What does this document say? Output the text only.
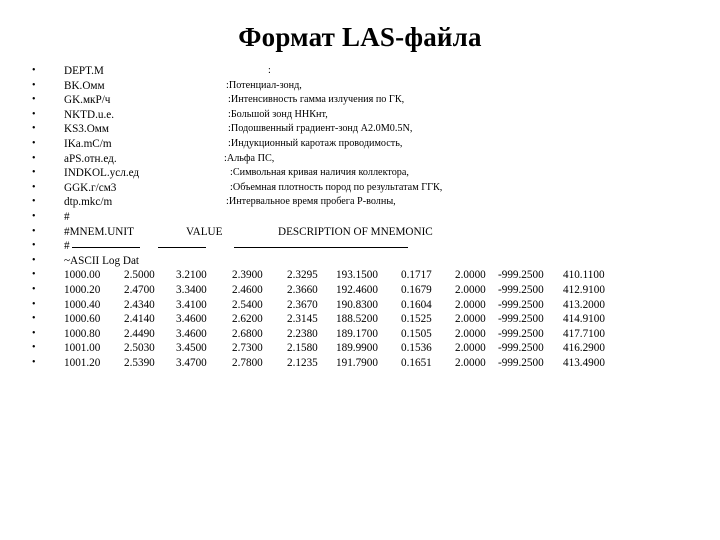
Формат LAS-файла
•	DEPT.M	:
•	BK.Омм	:Потенциал-зонд,
•	GK.мкР/ч	:Интенсивность гамма излучения по ГК,
•	NKTD.u.e.	:Большой зонд ННКнт,
•	KS3.Омм	:Подошвенный градиент-зонд A2.0M0.5N,
•	IKa.mC/m	:Индукционный каротаж проводимость,
•	aPS.отн.ед.	:Альфа ПС,
•	INDKOL.усл.ед	:Символьная кривая наличия коллектора,
•	GGK.г/см3	:Объемная плотность пород по результатам ГГК,
•	dtp.mkc/m	:Интервальное время пробега P-волны,
•	#
•	#MNEM.UNIT	VALUE	DESCRIPTION OF MNEMONIC
•	#
•	~ASCII Log Dat
•	1000.00 2.5000 3.2100 2.3900 2.3295 193.1500 0.1717 2.0000 -999.2500 410.1100
•	1000.20 2.4700 3.3400 2.4600 2.3660 192.4600 0.1679 2.0000 -999.2500 412.9100
•	1000.40 2.4340 3.4100 2.5400 2.3670 190.8300 0.1604 2.0000 -999.2500 413.2000
•	1000.60 2.4140 3.4600 2.6200 2.3145 188.5200 0.1525 2.0000 -999.2500 414.9100
•	1000.80 2.4490 3.4600 2.6800 2.2380 189.1700 0.1505 2.0000 -999.2500 417.7100
•	1001.00 2.5030 3.4500 2.7300 2.1580 189.9900 0.1536 2.0000 -999.2500 416.2900
•	1001.20 2.5390 3.4700 2.7800 2.1235 191.7900 0.1651 2.0000 -999.2500 413.4900
